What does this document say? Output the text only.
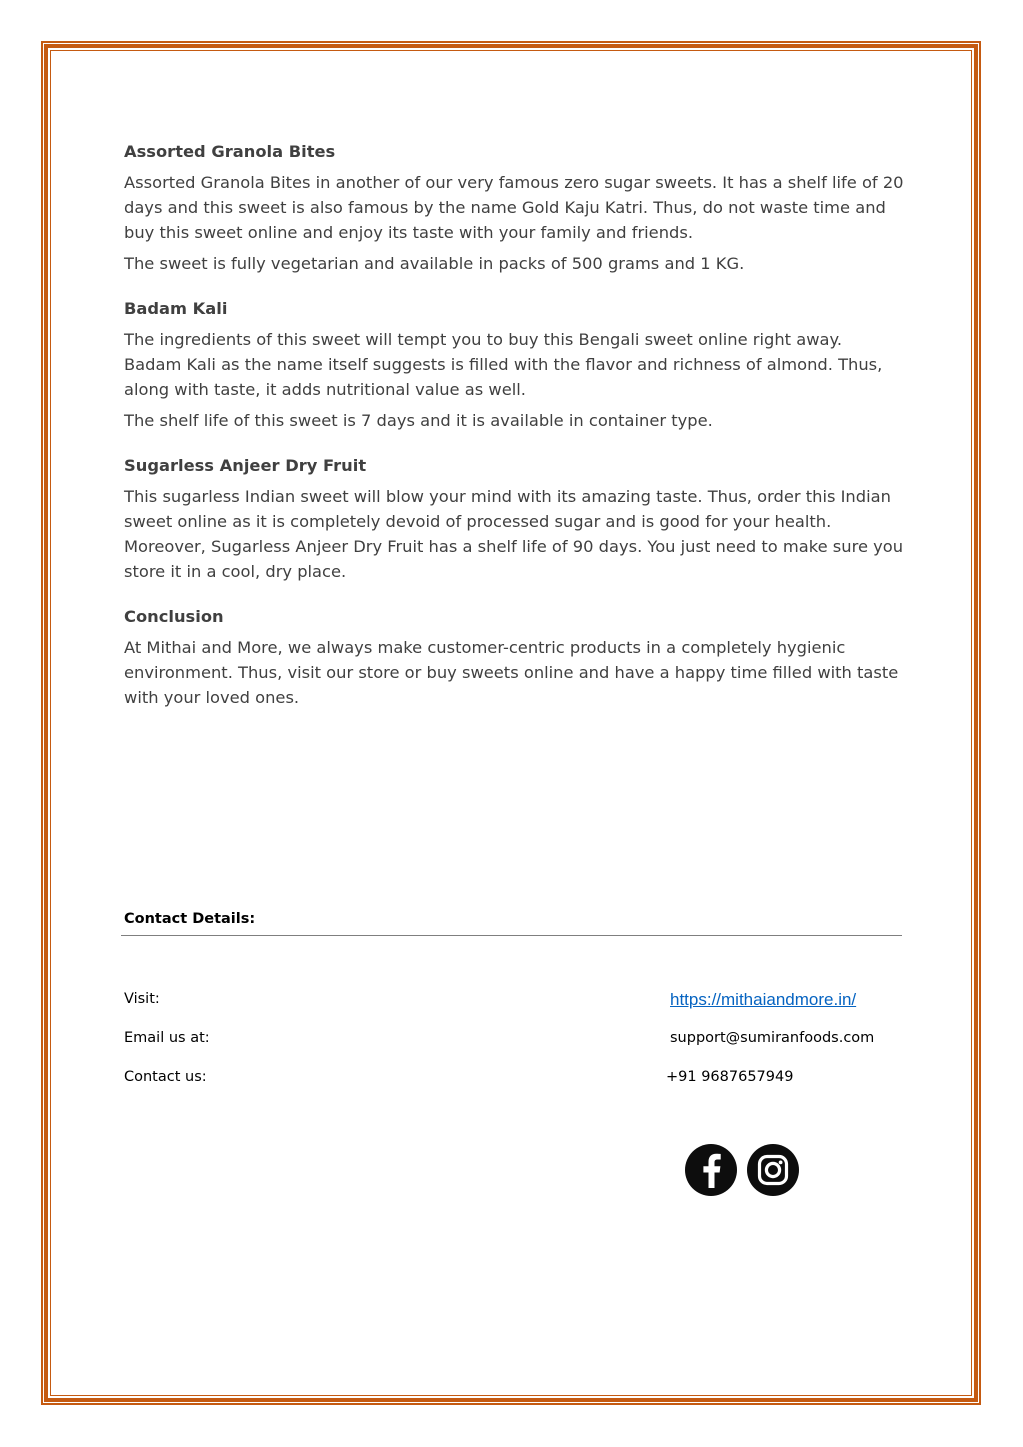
Assorted Granola Bites
Assorted Granola Bites in another of our very famous zero sugar sweets. It has a shelf life of 20 days and this sweet is also famous by the name Gold Kaju Katri. Thus, do not waste time and buy this sweet online and enjoy its taste with your family and friends.
The sweet is fully vegetarian and available in packs of 500 grams and 1 KG.
Badam Kali
The ingredients of this sweet will tempt you to buy this Bengali sweet online right away. Badam Kali as the name itself suggests is filled with the flavor and richness of almond. Thus, along with taste, it adds nutritional value as well.
The shelf life of this sweet is 7 days and it is available in container type.
Sugarless Anjeer Dry Fruit
This sugarless Indian sweet will blow your mind with its amazing taste. Thus, order this Indian sweet online as it is completely devoid of processed sugar and is good for your health. Moreover, Sugarless Anjeer Dry Fruit has a shelf life of 90 days. You just need to make sure you store it in a cool, dry place.
Conclusion
At Mithai and More, we always make customer-centric products in a completely hygienic environment. Thus, visit our store or buy sweets online and have a happy time filled with taste with your loved ones.
Contact Details:
Visit:	https://mithaiandmore.in/
Email us at:	support@sumiranfoods.com
Contact us:	+91 9687657949
